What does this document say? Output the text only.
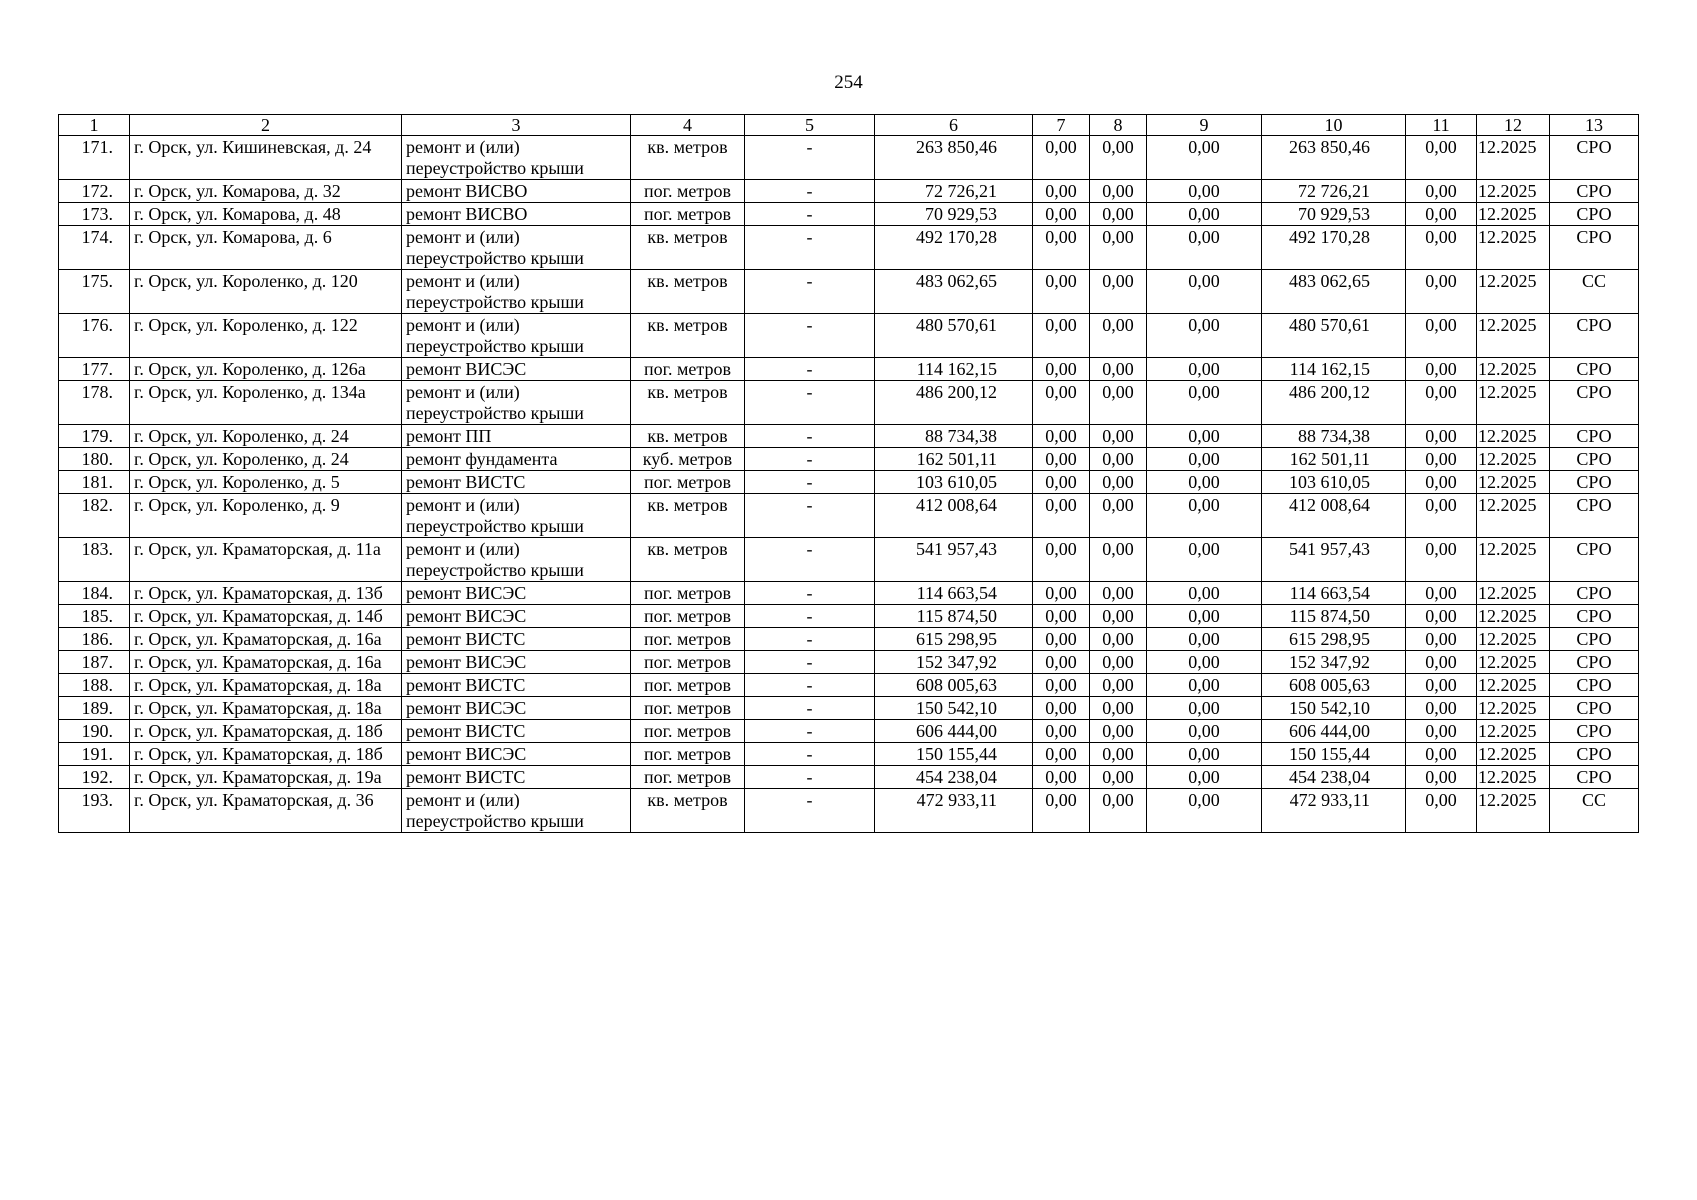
254
1	2	3	4	5	6	7	8	9	10	11	12	13
171.	г. Орск, ул. Кишиневская, д. 24	ремонт и (или) переустройство крыши	кв. метров	-	263 850,46	0,00	0,00	0,00	263 850,46	0,00	12.2025	СРО
172.	г. Орск, ул. Комарова, д. 32	ремонт ВИСВО	пог. метров	-	72 726,21	0,00	0,00	0,00	72 726,21	0,00	12.2025	СРО
173.	г. Орск, ул. Комарова, д. 48	ремонт ВИСВО	пог. метров	-	70 929,53	0,00	0,00	0,00	70 929,53	0,00	12.2025	СРО
174.	г. Орск, ул. Комарова, д. 6	ремонт и (или) переустройство крыши	кв. метров	-	492 170,28	0,00	0,00	0,00	492 170,28	0,00	12.2025	СРО
175.	г. Орск, ул. Короленко, д. 120	ремонт и (или) переустройство крыши	кв. метров	-	483 062,65	0,00	0,00	0,00	483 062,65	0,00	12.2025	СС
176.	г. Орск, ул. Короленко, д. 122	ремонт и (или) переустройство крыши	кв. метров	-	480 570,61	0,00	0,00	0,00	480 570,61	0,00	12.2025	СРО
177.	г. Орск, ул. Короленко, д. 126а	ремонт ВИСЭС	пог. метров	-	114 162,15	0,00	0,00	0,00	114 162,15	0,00	12.2025	СРО
178.	г. Орск, ул. Короленко, д. 134а	ремонт и (или) переустройство крыши	кв. метров	-	486 200,12	0,00	0,00	0,00	486 200,12	0,00	12.2025	СРО
179.	г. Орск, ул. Короленко, д. 24	ремонт ПП	кв. метров	-	88 734,38	0,00	0,00	0,00	88 734,38	0,00	12.2025	СРО
180.	г. Орск, ул. Короленко, д. 24	ремонт фундамента	куб. метров	-	162 501,11	0,00	0,00	0,00	162 501,11	0,00	12.2025	СРО
181.	г. Орск, ул. Короленко, д. 5	ремонт ВИСТС	пог. метров	-	103 610,05	0,00	0,00	0,00	103 610,05	0,00	12.2025	СРО
182.	г. Орск, ул. Короленко, д. 9	ремонт и (или) переустройство крыши	кв. метров	-	412 008,64	0,00	0,00	0,00	412 008,64	0,00	12.2025	СРО
183.	г. Орск, ул. Краматорская, д. 11а	ремонт и (или) переустройство крыши	кв. метров	-	541 957,43	0,00	0,00	0,00	541 957,43	0,00	12.2025	СРО
184.	г. Орск, ул. Краматорская, д. 13б	ремонт ВИСЭС	пог. метров	-	114 663,54	0,00	0,00	0,00	114 663,54	0,00	12.2025	СРО
185.	г. Орск, ул. Краматорская, д. 14б	ремонт ВИСЭС	пог. метров	-	115 874,50	0,00	0,00	0,00	115 874,50	0,00	12.2025	СРО
186.	г. Орск, ул. Краматорская, д. 16а	ремонт ВИСТС	пог. метров	-	615 298,95	0,00	0,00	0,00	615 298,95	0,00	12.2025	СРО
187.	г. Орск, ул. Краматорская, д. 16а	ремонт ВИСЭС	пог. метров	-	152 347,92	0,00	0,00	0,00	152 347,92	0,00	12.2025	СРО
188.	г. Орск, ул. Краматорская, д. 18а	ремонт ВИСТС	пог. метров	-	608 005,63	0,00	0,00	0,00	608 005,63	0,00	12.2025	СРО
189.	г. Орск, ул. Краматорская, д. 18а	ремонт ВИСЭС	пог. метров	-	150 542,10	0,00	0,00	0,00	150 542,10	0,00	12.2025	СРО
190.	г. Орск, ул. Краматорская, д. 18б	ремонт ВИСТС	пог. метров	-	606 444,00	0,00	0,00	0,00	606 444,00	0,00	12.2025	СРО
191.	г. Орск, ул. Краматорская, д. 18б	ремонт ВИСЭС	пог. метров	-	150 155,44	0,00	0,00	0,00	150 155,44	0,00	12.2025	СРО
192.	г. Орск, ул. Краматорская, д. 19а	ремонт ВИСТС	пог. метров	-	454 238,04	0,00	0,00	0,00	454 238,04	0,00	12.2025	СРО
193.	г. Орск, ул. Краматорская, д. 36	ремонт и (или) переустройство крыши	кв. метров	-	472 933,11	0,00	0,00	0,00	472 933,11	0,00	12.2025	СС
